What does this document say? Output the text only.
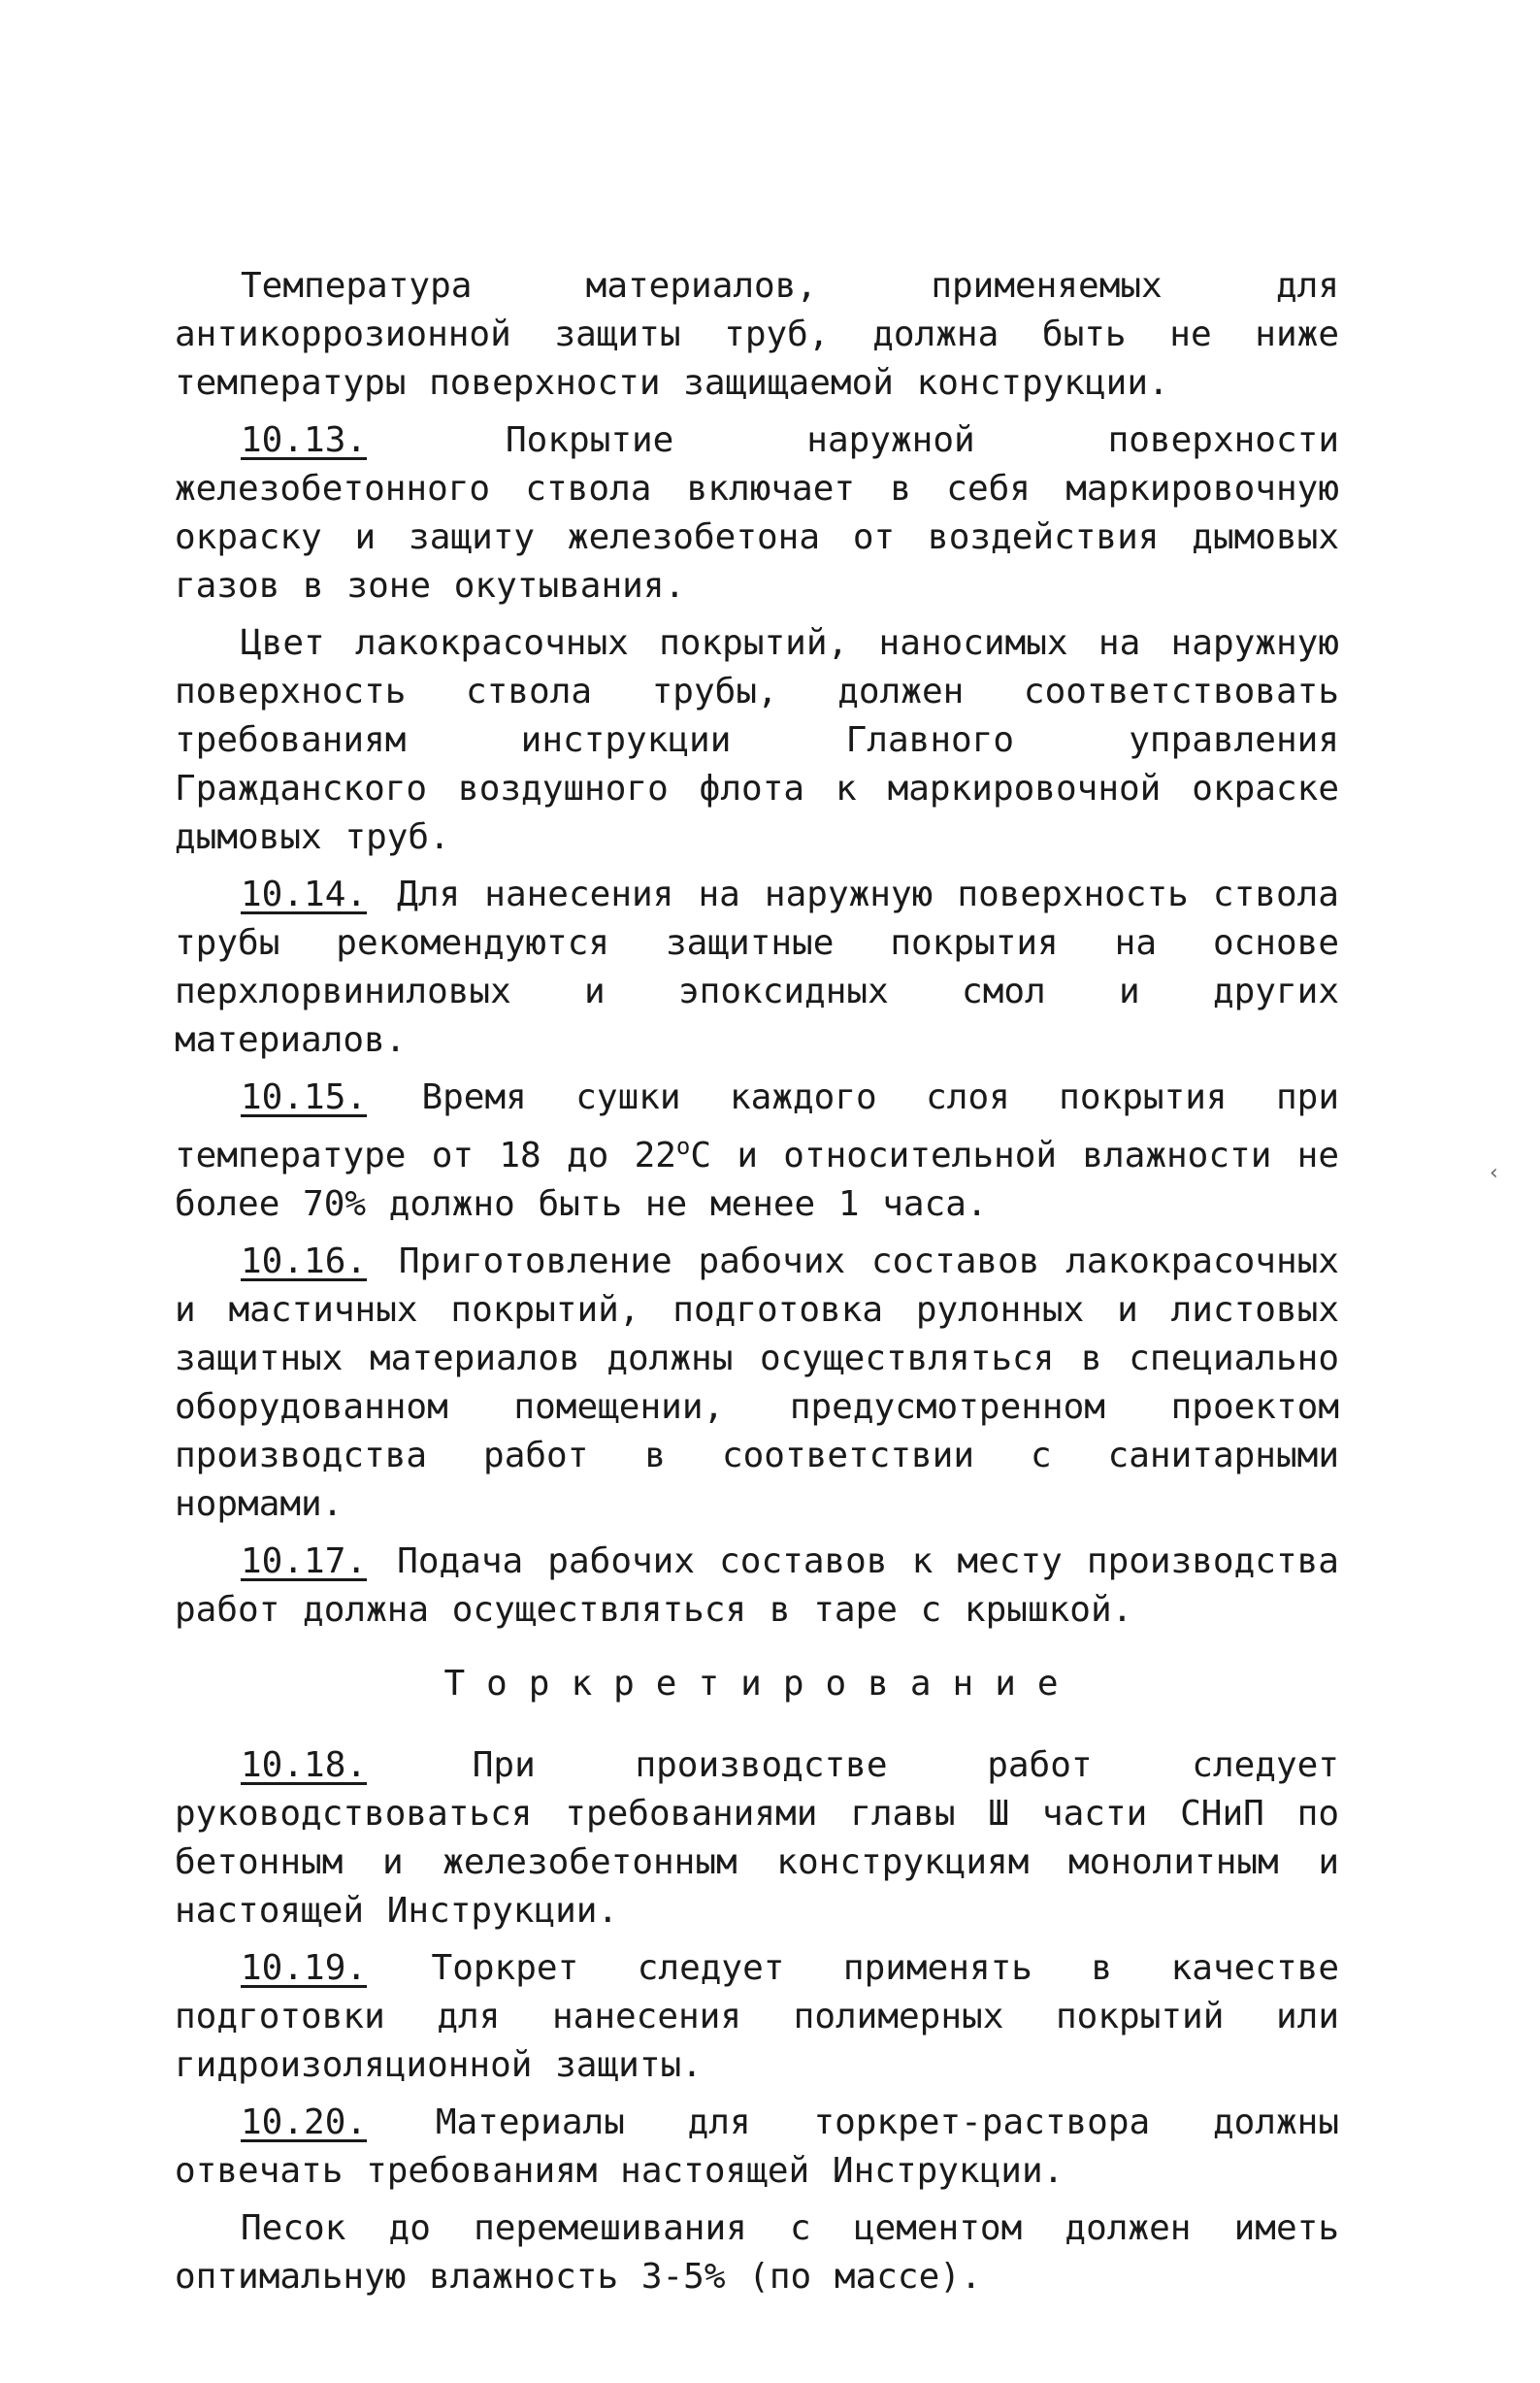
Температура материалов, применяемых для антикоррозионной защиты труб, должна быть не ниже температуры поверхности защищаемой конструкции.

10.13.	Покрытие наружной поверхности железобетонного ствола включает в себя маркировочную окраску и защиту железобетона от воздействия дымовых газов в зоне окутывания.

Цвет лакокрасочных покрытий, наносимых на наружную поверхность ствола трубы, должен соответствовать требованиям инструкции Главного управления Гражданского воздушного флота к маркировочной окраске дымовых труб.

10.14. Для нанесения на наружную поверхность ствола трубы рекомендуются защитные покрытия на основе перхлорвиниловых и эпоксидных смол и других материалов.

10.15. Время сушки каждого слоя покрытия при температуре от 18 до $22^оС$ и относительной влажности не более 70% должно быть не менее 1 часа.

10.16. Приготовление рабочих составов лакокрасочных и мастичных покрытий, подготовка рулонных и листовых защитных материалов должны осуществляться в специально оборудованном помещении, предусмотренном проектом производства работ в соответствии с санитарными нормами.

10.17. Подача рабочих составов к месту производства работ должна осуществляться в таре с крышкой.

Торкретирование

10.18.	При производстве работ следует руководствоваться требованиями главы Ш части СНиП по бетонным и железобетонным конструкциям монолитным и настоящей Инструкции.

10.19. Торкрет следует применять в качестве подготовки для нанесения полимерных покрытий или гидроизоляционной защиты.

10.20. Материалы для торкрет-раствора должны отвечать требованиям настоящей Инструкции.

Песок до перемешивания с цементом должен иметь оптимальную влажность 3-5% (по массе).

‹
